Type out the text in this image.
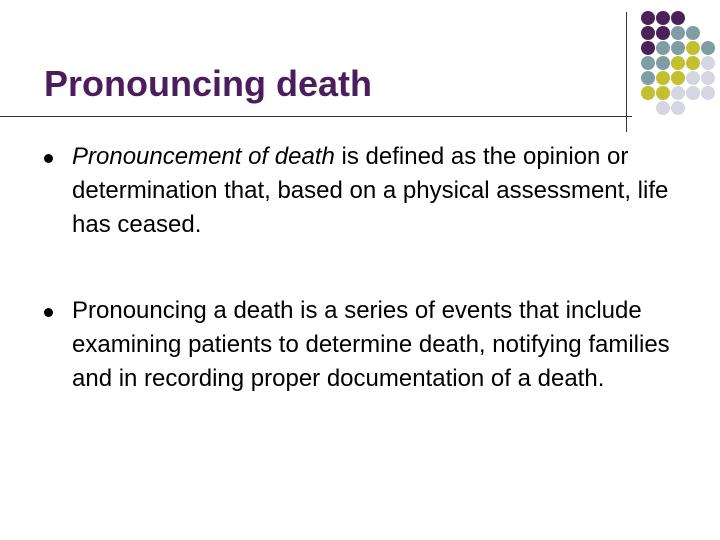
Pronouncing death
Pronouncement of death is defined as the opinion or determination that, based on a physical assessment, life has ceased.
Pronouncing a death is a series of events that include examining patients to determine death, notifying families and in recording proper documentation of a death.
